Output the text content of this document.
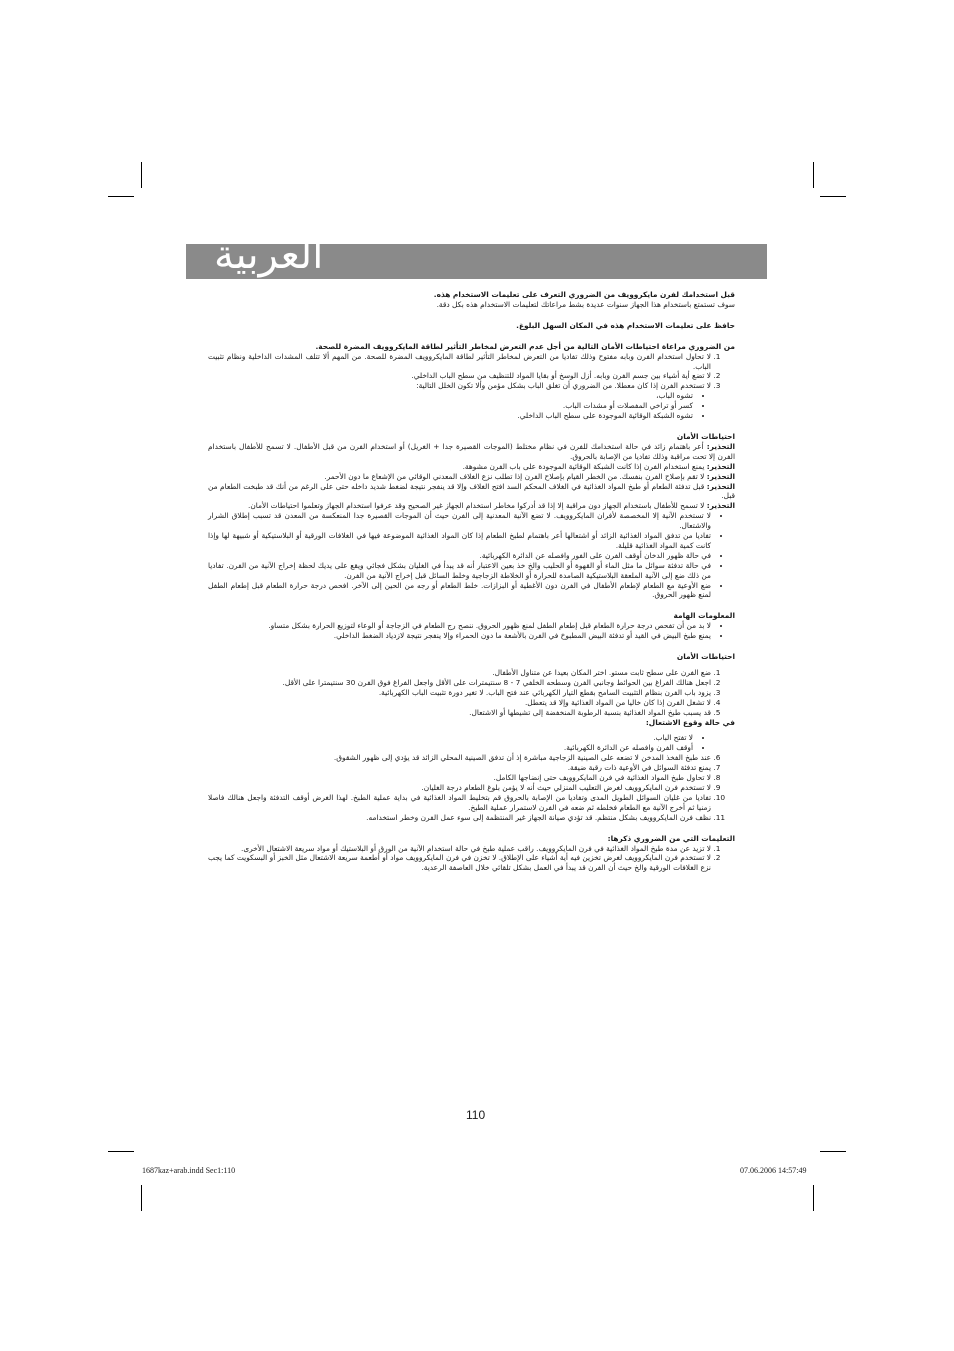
العربية

قبل استخدامك لفرن مايكروويف من الضروري التعرف على تعليمات الاستخدام هذه.

سوف تستمتع باستخدام هذا الجهاز سنوات عديدة بشط مراعاتك لتعليمات الاستخدام هذه بكل دقة.

حافظ على تعليمات الاستخدام هذه في المكان السهل البلوغ.

من الضروري مراعاة احتياطات الأمان التالية من أجل عدم التعرض لمخاطر التأثير لطاقة المايكروويف المضرة للصحة.

1. لا تحاول استخدام الفرن وبابه مفتوح وذلك تفاديا من التعرض لمخاطر التأثير لطاقة المايكروويف المضرة للصحة. من المهم ألا تتلف المشدات الداخلية ونظام تثبيت الباب.
2. لا تضع أية أشياء بين جسم الفرن وبابه. أزل الوسخ أو بقايا المواد للتنظيف من سطح الباب الداخلي.
3. لا تستخدم الفرن إذا كان معطلا. من الضروري أن تغلق الباب بشكل مؤمن وألا تكون الخلل التالية:
• تشوه الباب،
• كسر أو تراخي المفصلات أو مشدات الباب.
• تشوه الشبكة الوقائية الموجودة على سطح الباب الداخلي.

احتياطات الأمان

التحذير: أعر باهتمام زائد في حالة استخدامك للفرن في نظام مختلط (الموجات القصيرة جدا + الغريل) أو استخدام الفرن من قبل الأطفال. لا تسمح للأطفال باستخدام الفرن إلا تحت مراقبة وذلك تفاديا من الإصابة بالحروق.

التحذير: يمنع استخدام الفرن إذا كانت الشبكة الوقائية الموجودة على باب الفرن مشوهة.

التحذير: لا تقم بإصلاح الفرن بنفسك. من الخطر القيام بإصلاح الفرن إذا تطلب نزع الغلاف المعدني الوقائي من الإشعاع ما دون الأحمر.

التحذير: قبل تدفئة الطعام أو طبخ المواد الغذائية في الغلاف المحكم السد افتح الغلاف وإلا قد ينفجر نتيجة لضغط شديد داخله حتى على الرغم من أنك قد طبخت الطعام من قبل.

التحذير: لا تسمح للأطفال باستخدام الجهاز دون مراقبة إلا إذا قد أدركوا مخاطر استخدام الجهاز غير الصحيح وقد عرفوا استخدام الجهاز وتعلموا احتياطات الأمان.

• لا تستخدم الآنية إلا المخصصة لأفران المايكروويف. لا تضع الآنية المعدنية إلى الفرن حيث أن الموجات القصيرة جدا المنعكسة من المعدن قد تسبب إطلاق الشرار والاشتعال.
• تفاديا من تدفق المواد الغذائية الزائد أو اشتعالها أعر باهتمام لطبخ الطعام إذا كان المواد الغذائية الموضوعة فيها في الغلافات الورقية أو البلاستيكية أو شبيهة لها وإذا كانت كمية المواد الغذائية قليلة.
• في حالة ظهور الدخان أوقف الفرن على الفور وافصله عن الدائرة الكهربائية.
• في حالة تدفئة سوائل ما مثل الماء أو القهوة أو الحليب والخ خذ بعين الاعتبار أنه قد يبدأ في الغليان بشكل فجائي ويقع على يديك لحظة إخراج الآنية من الفرن. تفاديا من ذلك ضع إلى الآنية الملعقة البلاستيكية الصامدة للحرارة أو الخلاطة الزجاجية وخلط السائل قبل إخراج الآنية من الفرن.
• ضع الأوعية مع الطعام لإطعام الأطفال في الفرن دون الأغطية أو البزازات. خلط الطعام أو رجه من الحين إلى الآخر. افحص درجة حرارة الطعام قبل إطعام الطفل لمنع ظهور الحروق.

المعلومات الهامة

• لا بد من أن تفحص درجة حرارة الطعام قبل إطعام الطفل لمنع ظهور الحروق. ننصح رج الطعام في الزجاجة أو الوعاء لتوزيع الحرارة بشكل متساو.
• يمنع طبخ البيض في القيد أو تدفئة البيض المطبوخ في الفرن بالأشعة ما دون الحمراء وإلا ينفجر نتيجة لازدياد الضغط الداخلي.

احتياطات الأمان

1. ضع الفرن على سطح ثابت مستو. اختر المكان بعيدا عن متناول الأطفال.
2. اجعل هنالك الفراغ بين الحوائط وجانبي الفرن وسطحه الخلفي 7 - 8 سنتيمترات على الأقل واجعل الفراغ فوق الفرن 30 سنتيمترا على الأقل.
3. يزود باب الفرن بنظام التثبيت السامح بقطع التيار الكهربائي عند فتح الباب. لا تغير دورة تثبيت الباب الكهربائية.
4. لا تشغل الفرن إذا كان خاليا من المواد الغذائية وإلا قد يتعطل.
5. قد يسبب طبخ المواد الغذائية بنسبة الرطوبة المنخفضة إلى تشيطها أو الاشتعال.

في حالة وقوع الاشتعال:

• لا تفتح الباب.
• أوقف الفرن وافصله عن الدائرة الكهربائية.
6. عند طبخ الفخذ المدخن لا تضعه على الصينية الزجاجية مباشرة إذ أن تدفق الصينية المحلي الزائد قد يؤدي إلى ظهور الشقوق.
7. يمنع تدفئة السوائل في الأوعية ذات رقبة ضيقة.
8. لا تحاول طبخ المواد الغذائية في فرن المايكروويف حتى إنضاجها الكامل.
9. لا تستخدم فرن المايكروويف لغرض التعليب المنزلي حيث أنه لا يؤمن بلوغ الطعام درجة الغليان.
10. تفاديا من غليان السوائل الطويل المدى وتفاديا من الإصابة بالحروق قم بتخليط المواد الغذائية في بداية عملية الطبخ. لهذا الغرض أوقف التدفئة واجعل هنالك فاصلا زمنيا ثم أخرج الآنية مع الطعام فخلطه ثم ضعه في الفرن لاستمرار عملية الطبخ.
11. نظف فرن المايكروويف بشكل منتظم. قد تؤدي صيانة الجهاز غير المنتظمة إلى سوء عمل الفرن وخطر استخدامه.

التعليمات التي من الضروري ذكرها:

1. لا تزيد عن مدة طبخ المواد الغذائية في فرن المايكروويف. راقب عملية طبخ في حالة استخدام الآنية من الورق أو البلاستيك أو مواد سريعة الاشتعال الأخرى.
2. لا تستخدم فرن المايكروويف لغرض تخزين فيه أية أشياء على الإطلاق. لا تخزن في فرن المايكروويف مواد أو أطعمة سريعة الاشتعال مثل الخبز أو البسكويت كما يجب نزع الغلافات الورقية والخ حيث أن الفرن قد يبدأ في العمل بشكل تلقائي خلال العاصفة الرعدية.
110
1687kaz+arab.indd Sec1:110	07.06.2006 14:57:49
